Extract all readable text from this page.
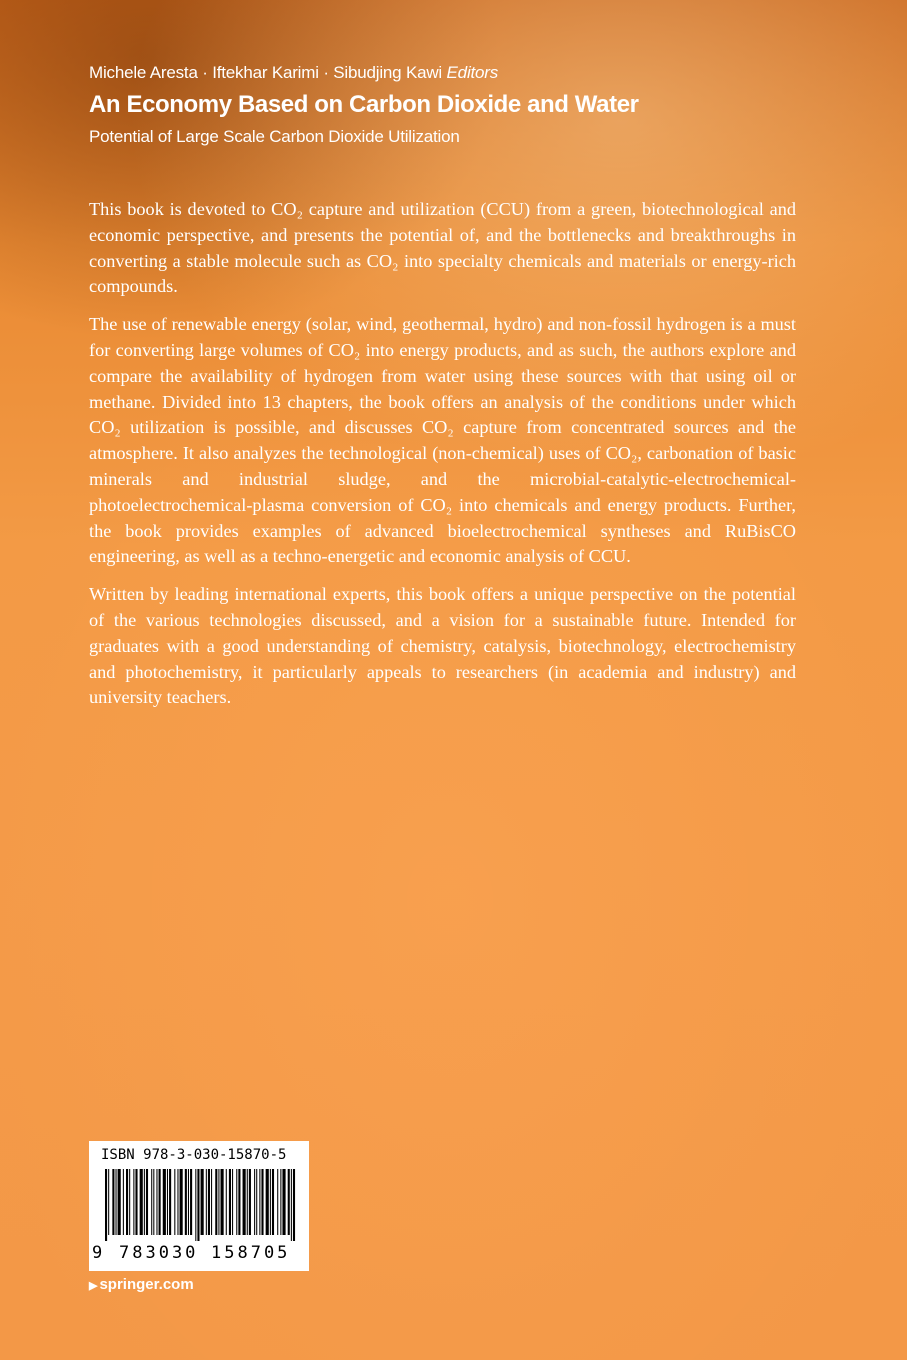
Michele Aresta · Iftekhar Karimi · Sibudjing Kawi Editors
An Economy Based on Carbon Dioxide and Water
Potential of Large Scale Carbon Dioxide Utilization

This book is devoted to CO₂ capture and utilization (CCU) from a green, biotechnological and economic perspective, and presents the potential of, and the bottlenecks and breakthroughs in converting a stable molecule such as CO₂ into specialty chemicals and materials or energy-rich compounds.

The use of renewable energy (solar, wind, geothermal, hydro) and non-fossil hydrogen is a must for converting large volumes of CO₂ into energy products, and as such, the authors explore and compare the availability of hydrogen from water using these sources with that using oil or methane. Divided into 13 chapters, the book offers an analysis of the conditions under which CO₂ utilization is possible, and discusses CO₂ capture from concentrated sources and the atmosphere. It also analyzes the technological (non-chemical) uses of CO₂, carbonation of basic minerals and industrial sludge, and the microbial-catalytic-electrochemical-photoelectrochemical-plasma conversion of CO₂ into chemicals and energy products. Further, the book provides examples of advanced bioelectrochemical syntheses and RuBisCO engineering, as well as a techno-energetic and economic analysis of CCU.

Written by leading international experts, this book offers a unique perspective on the potential of the various technologies discussed, and a vision for a sustainable future. Intended for graduates with a good understanding of chemistry, catalysis, biotechnology, electrochemistry and photochemistry, it particularly appeals to researchers (in academia and industry) and university teachers.

ISBN 978-3-030-15870-5
9 783030 158705
▶ springer.com
